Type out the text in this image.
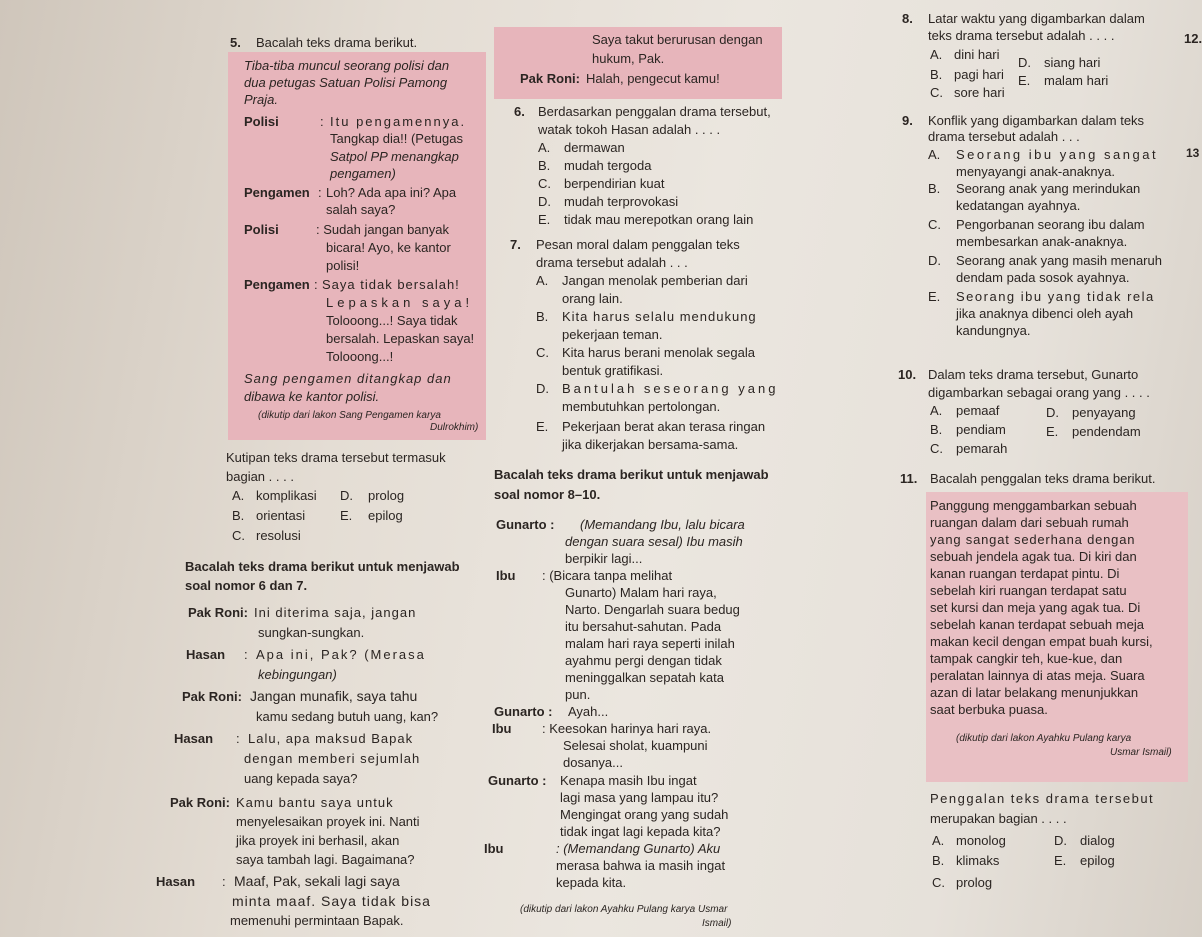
5. Bacalah teks drama berikut.
Tiba-tiba muncul seorang polisi dan
dua petugas Satuan Polisi Pamong
Praja.
Polisi	: Itu pengamennya.
Tangkap dia!! (Petugas
Satpol PP menangkap
pengamen)
Pengamen : Loh? Ada apa ini? Apa
salah saya?
Polisi	: Sudah jangan banyak
bicara! Ayo, ke kantor
polisi!
Pengamen : Saya tidak bersalah!
Lepaskan saya!
Tolooong...! Saya tidak
bersalah. Lepaskan saya!
Tolooong...!
Sang pengamen ditangkap dan
dibawa ke kantor polisi.
(dikutip dari lakon Sang Pengamen karya
Dulrokhim)
Kutipan teks drama tersebut termasuk
bagian . . . .
A. komplikasi D. prolog
B. orientasi	E. epilog
C. resolusi
Bacalah teks drama berikut untuk menjawab
soal nomor 6 dan 7.
Pak Roni: Ini diterima saja, jangan
sungkan-sungkan.
Hasan : Apa ini, Pak? (Merasa
kebingungan)
Pak Roni: Jangan munafik, saya tahu
kamu sedang butuh uang, kan?
Hasan : Lalu, apa maksud Bapak
dengan memberi sejumlah
uang kepada saya?
Pak Roni: Kamu bantu saya untuk
menyelesaikan proyek ini. Nanti
jika proyek ini berhasil, akan
saya tambah lagi. Bagaimana?
Hasan : Maaf, Pak, sekali lagi saya
minta maaf. Saya tidak bisa
memenuhi permintaan Bapak.
Saya takut berurusan dengan
hukum, Pak.
Pak Roni: Halah, pengecut kamu!
6. Berdasarkan penggalan drama tersebut,
watak tokoh Hasan adalah . . . .
A. dermawan
B. mudah tergoda
C. berpendirian kuat
D. mudah terprovokasi
E. tidak mau merepotkan orang lain
7. Pesan moral dalam penggalan teks
drama tersebut adalah . . .
A. Jangan menolak pemberian dari
orang lain.
B. Kita harus selalu mendukung
pekerjaan teman.
C. Kita harus berani menolak segala
bentuk gratifikasi.
D. Bantulah seseorang yang
membutuhkan pertolongan.
E. Pekerjaan berat akan terasa ringan
jika dikerjakan bersama-sama.
Bacalah teks drama berikut untuk menjawab
soal nomor 8–10.
Gunarto : (Memandang Ibu, lalu bicara
dengan suara sesal) Ibu masih
berpikir lagi...
Ibu : (Bicara tanpa melihat
Gunarto) Malam hari raya,
Narto. Dengarlah suara bedug
itu bersahut-sahutan. Pada
malam hari raya seperti inilah
ayahmu pergi dengan tidak
meninggalkan sepatah kata
pun.
Gunarto : Ayah...
Ibu : Keesokan harinya hari raya.
Selesai sholat, kuampuni
dosanya...
Gunarto : Kenapa masih Ibu ingat
lagi masa yang lampau itu?
Mengingat orang yang sudah
tidak ingat lagi kepada kita?
Ibu	: (Memandang Gunarto) Aku
merasa bahwa ia masih ingat
kepada kita.
(dikutip dari lakon Ayahku Pulang karya Usmar
Ismail)
8. Latar waktu yang digambarkan dalam
teks drama tersebut adalah . . . .
A. dini hari
D. siang hari
B. pagi hari E. malam hari
C. sore hari
9. Konflik yang digambarkan dalam teks
drama tersebut adalah . . .
A. Seorang ibu yang sangat
menyayangi anak-anaknya.
B. Seorang anak yang merindukan
kedatangan ayahnya.
C. Pengorbanan seorang ibu dalam
membesarkan anak-anaknya.
D. Seorang anak yang masih menaruh
dendam pada sosok ayahnya.
E. Seorang ibu yang tidak rela
jika anaknya dibenci oleh ayah
kandungnya.
10. Dalam teks drama tersebut, Gunarto
digambarkan sebagai orang yang . . . .
A. pemaaf	D. penyayang
B. pendiam	E. pendendam
C. pemarah
11. Bacalah penggalan teks drama berikut.
Panggung menggambarkan sebuah
ruangan dalam dari sebuah rumah
yang sangat sederhana dengan
sebuah jendela agak tua. Di kiri dan
kanan ruangan terdapat pintu. Di
sebelah kiri ruangan terdapat satu
set kursi dan meja yang agak tua. Di
sebelah kanan terdapat sebuah meja
makan kecil dengan empat buah kursi,
tampak cangkir teh, kue-kue, dan
peralatan lainnya di atas meja. Suara
azan di latar belakang menunjukkan
saat berbuka puasa.
(dikutip dari lakon Ayahku Pulang karya
Usmar Ismail)
Penggalan teks drama tersebut
merupakan bagian . . . .
A. monolog	D. dialog
B. klimaks	E. epilog
C. prolog
12.
13
